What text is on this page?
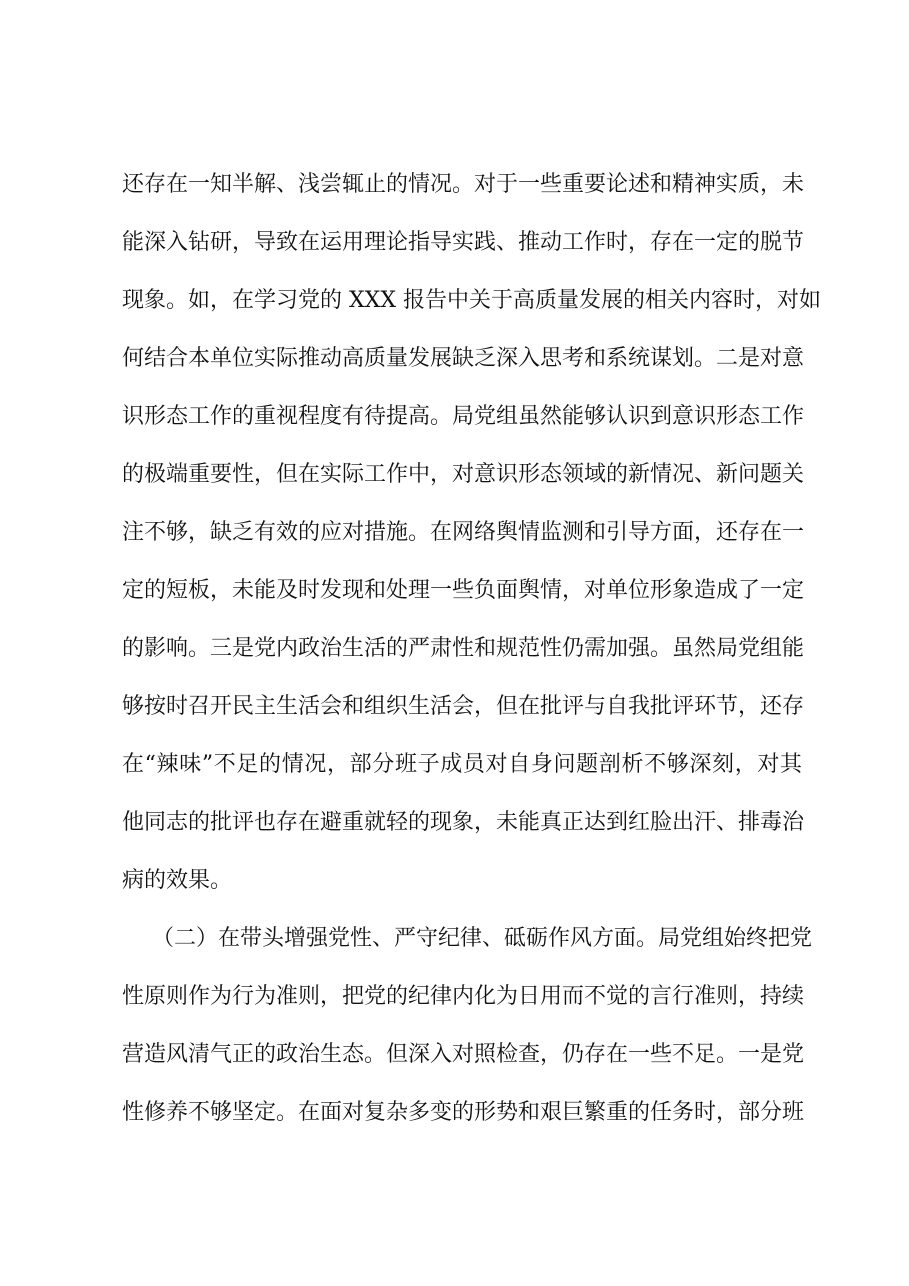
还存在一知半解、浅尝辄止的情况。对于一些重要论述和精神实质，未
能深入钻研，导致在运用理论指导实践、推动工作时，存在一定的脱节
现象。如，在学习党的 XXX 报告中关于高质量发展的相关内容时，对如
何结合本单位实际推动高质量发展缺乏深入思考和系统谋划。二是对意
识形态工作的重视程度有待提高。局党组虽然能够认识到意识形态工作
的极端重要性，但在实际工作中，对意识形态领域的新情况、新问题关
注不够，缺乏有效的应对措施。在网络舆情监测和引导方面，还存在一
定的短板，未能及时发现和处理一些负面舆情，对单位形象造成了一定
的影响。三是党内政治生活的严肃性和规范性仍需加强。虽然局党组能
够按时召开民主生活会和组织生活会，但在批评与自我批评环节，还存
在“辣味”不足的情况，部分班子成员对自身问题剖析不够深刻，对其
他同志的批评也存在避重就轻的现象，未能真正达到红脸出汗、排毒治
病的效果。
（二）在带头增强党性、严守纪律、砥砺作风方面。局党组始终把党
性原则作为行为准则，把党的纪律内化为日用而不觉的言行准则，持续
营造风清气正的政治生态。但深入对照检查，仍存在一些不足。一是党
性修养不够坚定。在面对复杂多变的形势和艰巨繁重的任务时，部分班
